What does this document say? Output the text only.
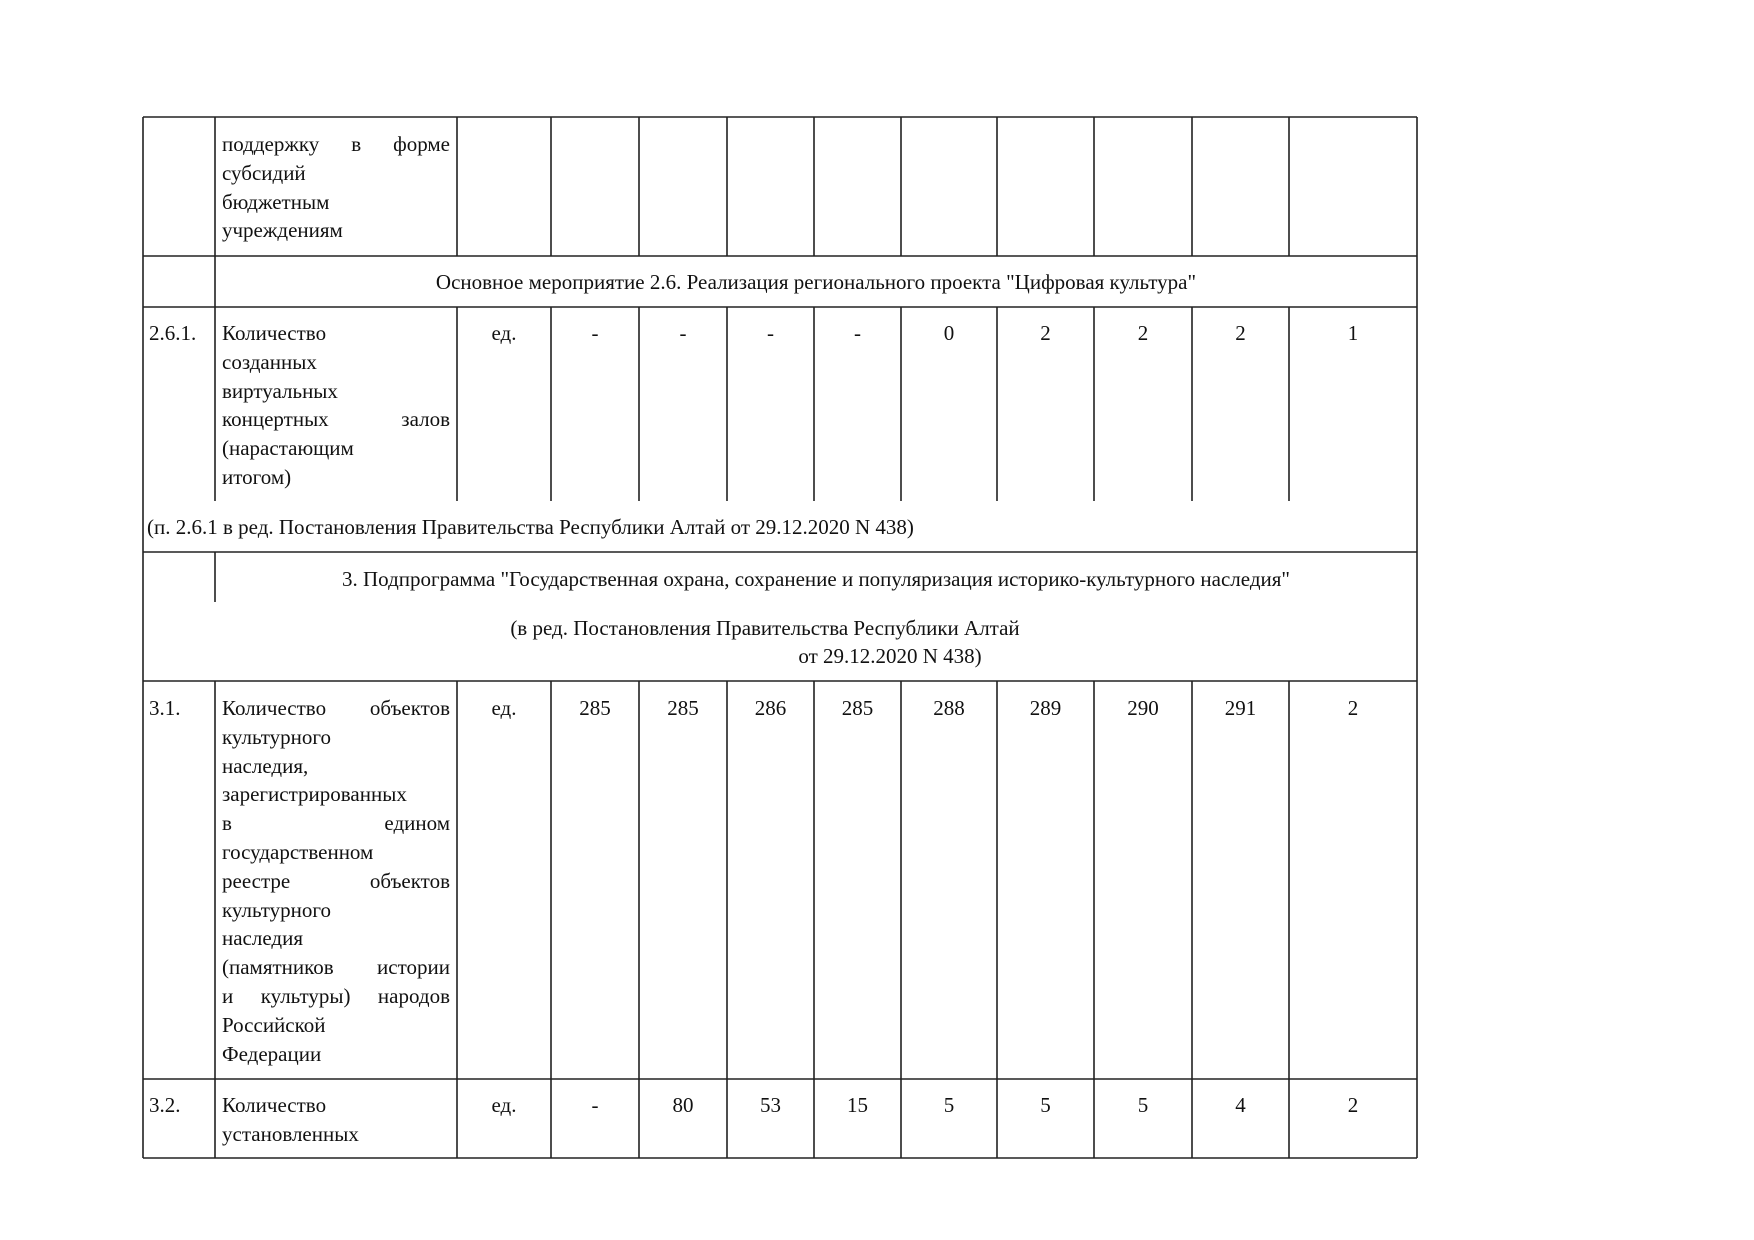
поддержку в форме
субсидий
бюджетным
учреждениям
Основное мероприятие 2.6. Реализация регионального проекта "Цифровая культура"
2.6.1. Количество
созданных
виртуальных
концертных залов
(нарастающим
итогом)
ед.	-	-	-	-	0	2	2	2	1
(п. 2.6.1 в ред. Постановления Правительства Республики Алтай от 29.12.2020 N 438)
3. Подпрограмма "Государственная охрана, сохранение и популяризация историко-культурного наследия"
(в ред. Постановления Правительства Республики Алтай
от 29.12.2020 N 438)
3.1. Количество объектов
культурного
наследия,
зарегистрированных
в едином
государственном
реестре объектов
культурного
наследия
(памятников истории
и культуры) народов
Российской
Федерации
ед.	285	285	286	285	288	289	290	291	2
3.2. Количество
установленных
ед.	-	80	53	15	5	5	5	4	2
